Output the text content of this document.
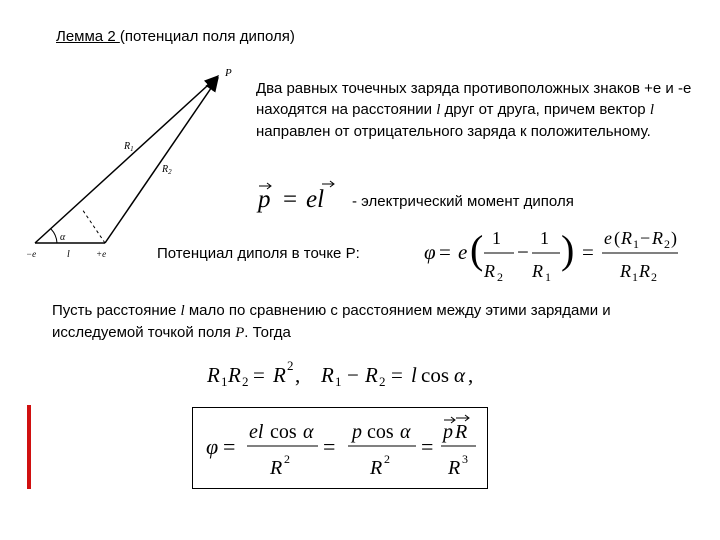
Лемма 2 (потенциал поля диполя)
α
P
$R_1$
$R_2$
−e	l	+e
Два равных точечных заряда противоположных знаков +е и -е находятся на расстоянии l друг от друга, причем вектор l направлен от отрицательного заряда к положительному.
p = el - электрический момент диполя
Потенциал диполя в точке P:	φ = e ( 1
R 2
−
1
R 1
) =
e ( R 1 − R 2 )
R 1 R 2
Пусть расстояние l мало по сравнению с расстоянием между этими зарядами и исследуемой точкой поля P. Тогда
R 1 R 2 = R 2 , R 1 − R 2 = l cos α ,
φ =
el cos α
R 2 =
p cos α
R 2 =
p R
R 3
